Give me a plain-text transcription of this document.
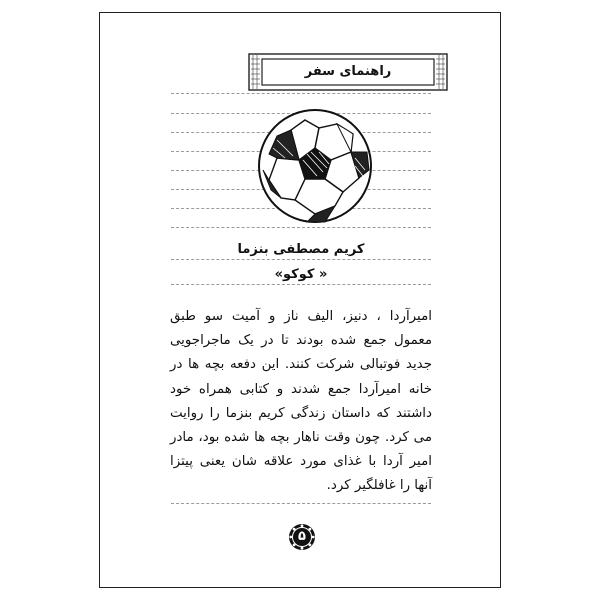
راهنمای سفر
کریم مصطفی بنزما
« کوکو»
امیرآردا ، دنیز، الیف ناز و آمیت سو طبق معمول جمع شده بودند تا در یک ماجراجویی جدید فوتبالی شرکت کنند. این دفعه بچه ها در خانه امیرآردا جمع شدند و کتابی همراه خود داشتند که داستان زندگی کریم بنزما را روایت می کرد. چون وقت ناهار بچه ها شده بود، مادر امیر آردا با غذای مورد علاقه شان یعنی پیتزا آنها را غافلگیر کرد.
۵
